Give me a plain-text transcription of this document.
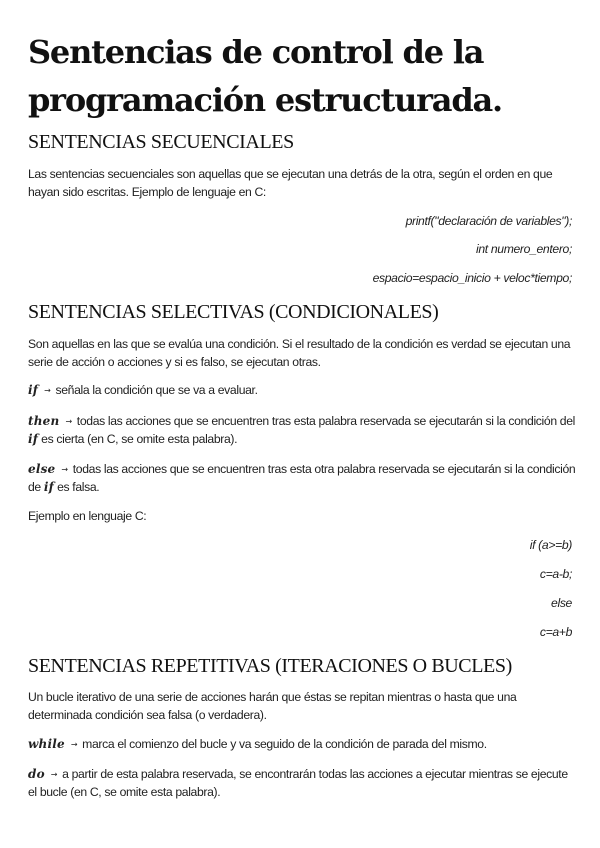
Sentencias de control de la programación estructurada.
SENTENCIAS SECUENCIALES

Las sentencias secuenciales son aquellas que se ejecutan una detrás de la otra, según el orden en que hayan sido escritas. Ejemplo de lenguaje en C:

printf("declaración de variables");

int numero_entero;

espacio=espacio_inicio + veloc*tiempo;

SENTENCIAS SELECTIVAS (CONDICIONALES)

Son aquellas en las que se evalúa una condición. Si el resultado de la condición es verdad se ejecutan una serie de acción o acciones y si es falso, se ejecutan otras.

if → señala la condición que se va a evaluar.

then → todas las acciones que se encuentren tras esta palabra reservada se ejecutarán si la condición del if es cierta (en C, se omite esta palabra).

else → todas las acciones que se encuentren tras esta otra palabra reservada se ejecutarán si la condición de if es falsa.

Ejemplo en lenguaje C:

if (a>=b)

c=a-b;

else

c=a+b

SENTENCIAS REPETITIVAS (ITERACIONES O BUCLES)

Un bucle iterativo de una serie de acciones harán que éstas se repitan mientras o hasta que una determinada condición sea falsa (o verdadera).

while → marca el comienzo del bucle y va seguido de la condición de parada del mismo.

do → a partir de esta palabra reservada, se encontrarán todas las acciones a ejecutar mientras se ejecute el bucle (en C, se omite esta palabra).
